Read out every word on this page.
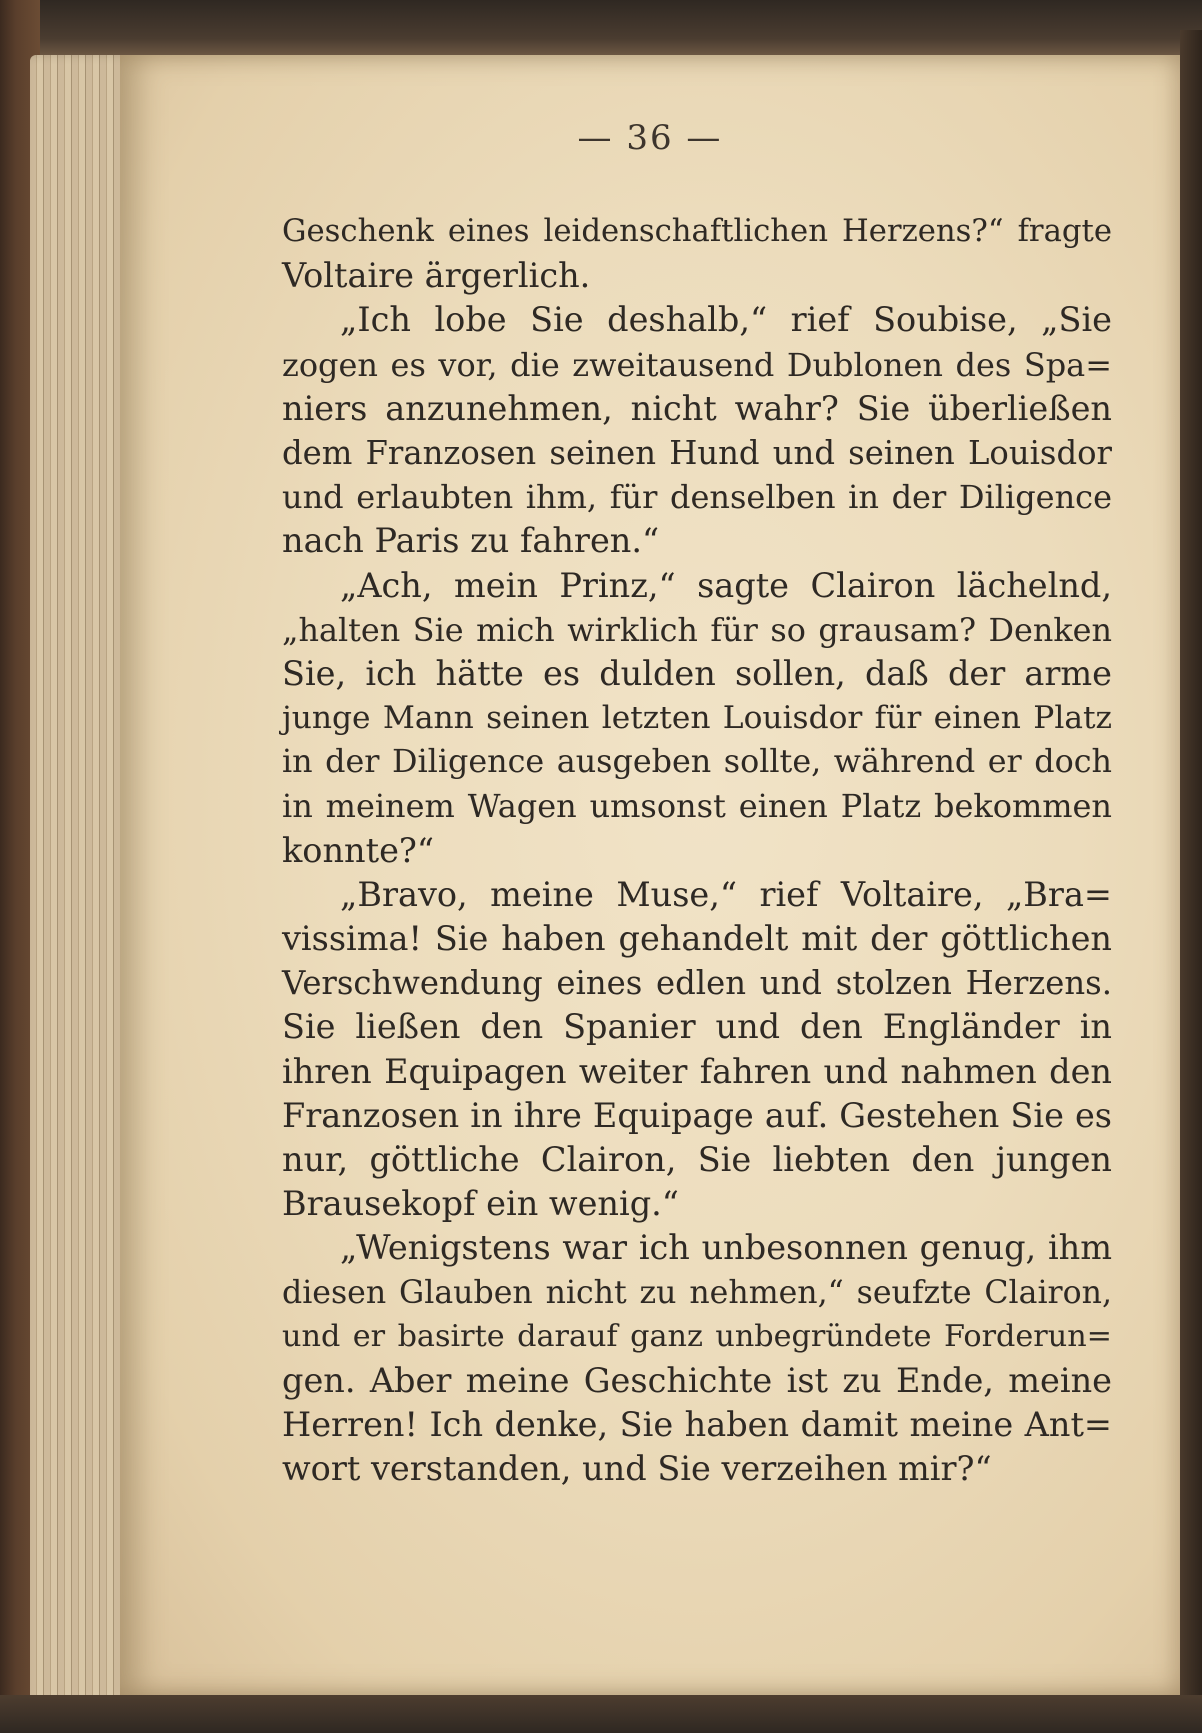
— 36 —
Geschenk eines leidenschaftlichen Herzens?“ fragte
Voltaire ärgerlich.
„Ich lobe Sie deshalb,“ rief Soubise, „Sie
zogen es vor, die zweitausend Dublonen des Spa=
niers anzunehmen, nicht wahr? Sie überließen
dem Franzosen seinen Hund und seinen Louisdor
und erlaubten ihm, für denselben in der Diligence
nach Paris zu fahren.“
„Ach, mein Prinz,“ sagte Clairon lächelnd,
„halten Sie mich wirklich für so grausam? Denken
Sie, ich hätte es dulden sollen, daß der arme
junge Mann seinen letzten Louisdor für einen Platz
in der Diligence ausgeben sollte, während er doch
in meinem Wagen umsonst einen Platz bekommen
konnte?“
„Bravo, meine Muse,“ rief Voltaire, „Bra=
vissima! Sie haben gehandelt mit der göttlichen
Verschwendung eines edlen und stolzen Herzens.
Sie ließen den Spanier und den Engländer in
ihren Equipagen weiter fahren und nahmen den
Franzosen in ihre Equipage auf. Gestehen Sie es
nur, göttliche Clairon, Sie liebten den jungen
Brausekopf ein wenig.“
„Wenigstens war ich unbesonnen genug, ihm
diesen Glauben nicht zu nehmen,“ seufzte Clairon,
und er basirte darauf ganz unbegründete Forderun=
gen. Aber meine Geschichte ist zu Ende, meine
Herren! Ich denke, Sie haben damit meine Ant=
wort verstanden, und Sie verzeihen mir?“
